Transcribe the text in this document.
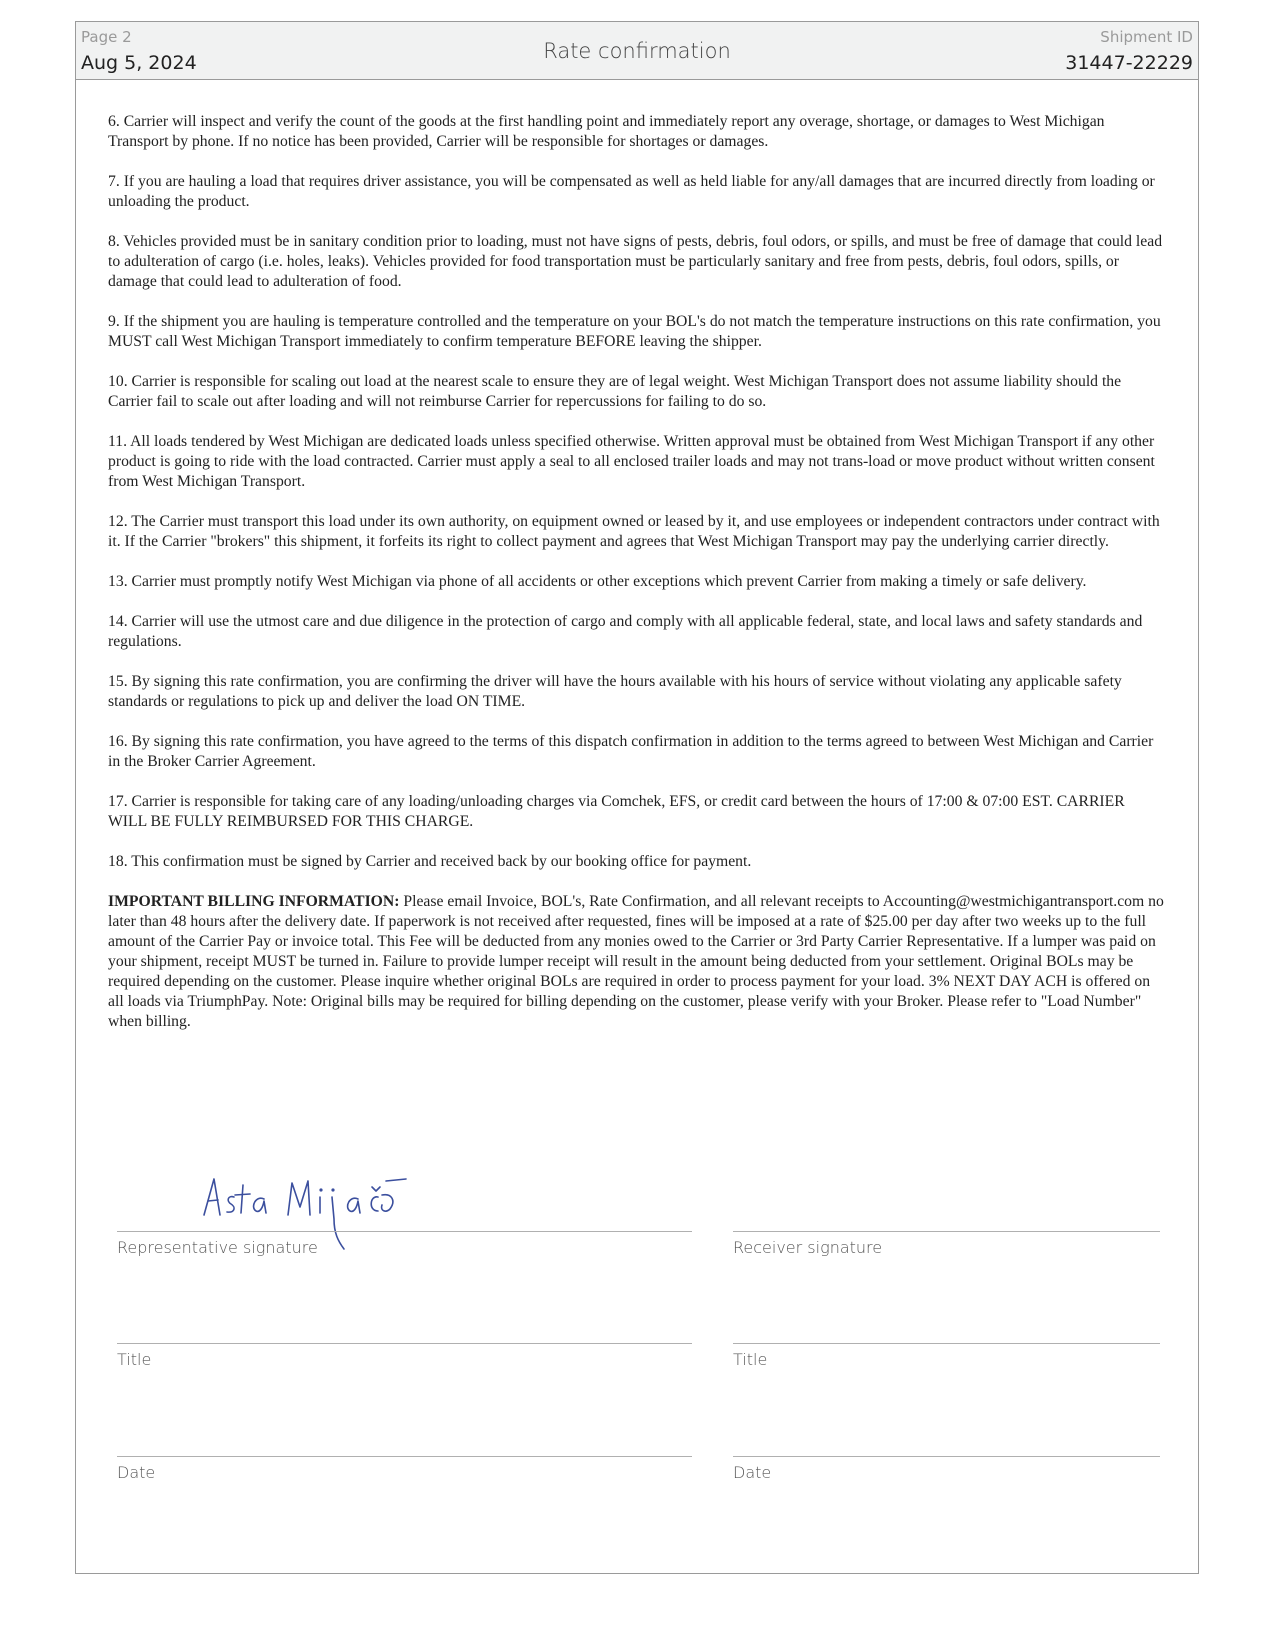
Page 2
Aug 5, 2024	Rate confirmation
Shipment ID
31447-22229

6. Carrier will inspect and verify the count of the goods at the first handling point and immediately report any overage, shortage, or damages to West Michigan Transport by phone. If no notice has been provided, Carrier will be responsible for shortages or damages.

7. If you are hauling a load that requires driver assistance, you will be compensated as well as held liable for any/all damages that are incurred directly from loading or unloading the product.

8. Vehicles provided must be in sanitary condition prior to loading, must not have signs of pests, debris, foul odors, or spills, and must be free of damage that could lead to adulteration of cargo (i.e. holes, leaks). Vehicles provided for food transportation must be particularly sanitary and free from pests, debris, foul odors, spills, or damage that could lead to adulteration of food.

9. If the shipment you are hauling is temperature controlled and the temperature on your BOL's do not match the temperature instructions on this rate confirmation, you MUST call West Michigan Transport immediately to confirm temperature BEFORE leaving the shipper.

10. Carrier is responsible for scaling out load at the nearest scale to ensure they are of legal weight. West Michigan Transport does not assume liability should the Carrier fail to scale out after loading and will not reimburse Carrier for repercussions for failing to do so.

11. All loads tendered by West Michigan are dedicated loads unless specified otherwise. Written approval must be obtained from West Michigan Transport if any other product is going to ride with the load contracted. Carrier must apply a seal to all enclosed trailer loads and may not trans-load or move product without written consent from West Michigan Transport.

12. The Carrier must transport this load under its own authority, on equipment owned or leased by it, and use employees or independent contractors under contract with it. If the Carrier "brokers" this shipment, it forfeits its right to collect payment and agrees that West Michigan Transport may pay the underlying carrier directly.

13. Carrier must promptly notify West Michigan via phone of all accidents or other exceptions which prevent Carrier from making a timely or safe delivery.

14. Carrier will use the utmost care and due diligence in the protection of cargo and comply with all applicable federal, state, and local laws and safety standards and regulations.

15. By signing this rate confirmation, you are confirming the driver will have the hours available with his hours of service without violating any applicable safety standards or regulations to pick up and deliver the load ON TIME.

16. By signing this rate confirmation, you have agreed to the terms of this dispatch confirmation in addition to the terms agreed to between West Michigan and Carrier in the Broker Carrier Agreement.

17. Carrier is responsible for taking care of any loading/unloading charges via Comchek, EFS, or credit card between the hours of 17:00 & 07:00 EST. CARRIER WILL BE FULLY REIMBURSED FOR THIS CHARGE.

18. This confirmation must be signed by Carrier and received back by our booking office for payment.

IMPORTANT BILLING INFORMATION: Please email Invoice, BOL's, Rate Confirmation, and all relevant receipts to Accounting@westmichigantransport.com no later than 48 hours after the delivery date. If paperwork is not received after requested, fines will be imposed at a rate of $25.00 per day after two weeks up to the full amount of the Carrier Pay or invoice total. This Fee will be deducted from any monies owed to the Carrier or 3rd Party Carrier Representative. If a lumper was paid on your shipment, receipt MUST be turned in. Failure to provide lumper receipt will result in the amount being deducted from your settlement. Original BOLs may be required depending on the customer. Please inquire whether original BOLs are required in order to process payment for your load. 3% NEXT DAY ACH is offered on all loads via TriumphPay. Note: Original bills may be required for billing depending on the customer, please verify with your Broker. Please refer to "Load Number" when billing.

Representative signature	Receiver signature
Title	Title
Date	Date
